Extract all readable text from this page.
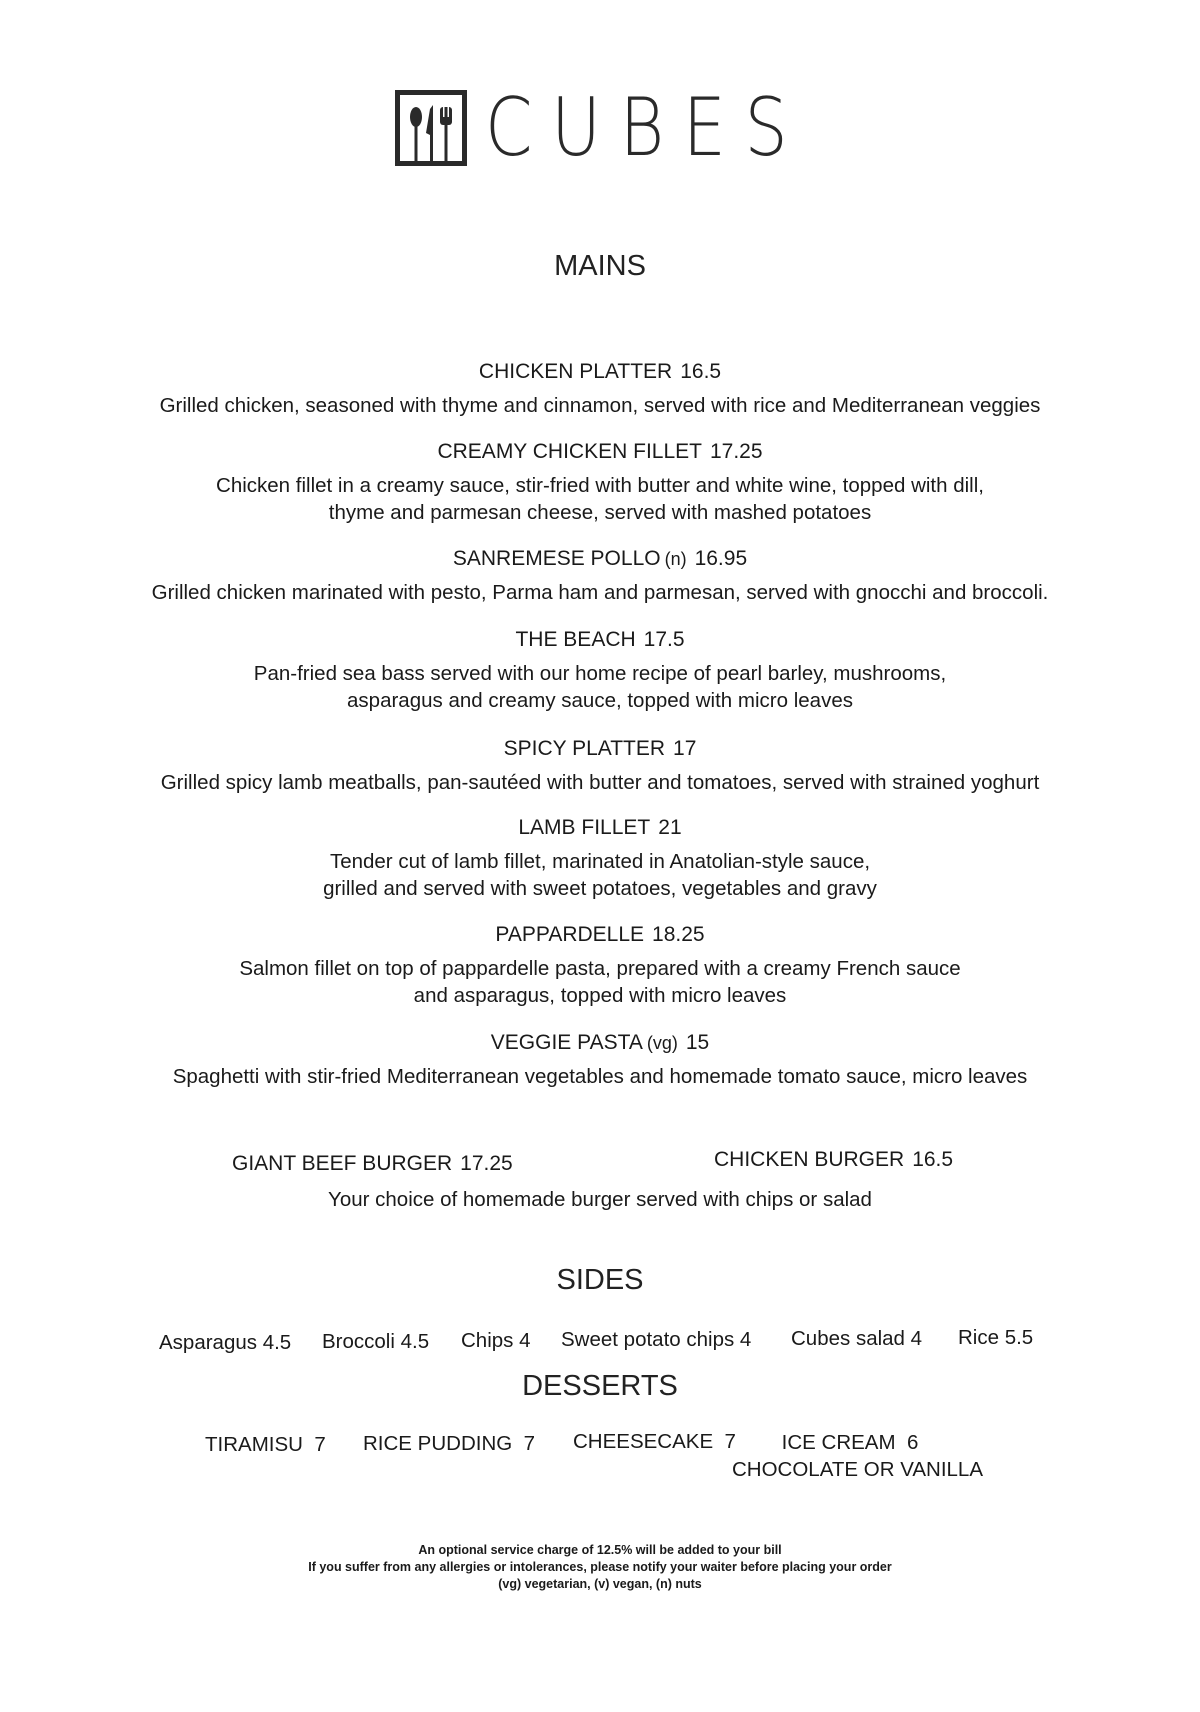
CUBES
MAINS
CHICKEN PLATTER 16.5
Grilled chicken, seasoned with thyme and cinnamon, served with rice and Mediterranean veggies
CREAMY CHICKEN FILLET 17.25
Chicken fillet in a creamy sauce, stir-fried with butter and white wine, topped with dill,
thyme and parmesan cheese, served with mashed potatoes
SANREMESE POLLO (n) 16.95
Grilled chicken marinated with pesto, Parma ham and parmesan, served with gnocchi and broccoli.
THE BEACH 17.5
Pan-fried sea bass served with our home recipe of pearl barley, mushrooms,
asparagus and creamy sauce, topped with micro leaves
SPICY PLATTER 17
Grilled spicy lamb meatballs, pan-sautéed with butter and tomatoes, served with strained yoghurt
LAMB FILLET 21
Tender cut of lamb fillet, marinated in Anatolian-style sauce,
grilled and served with sweet potatoes, vegetables and gravy
PAPPARDELLE 18.25
Salmon fillet on top of pappardelle pasta, prepared with a creamy French sauce
and asparagus, topped with micro leaves
VEGGIE PASTA (vg) 15
Spaghetti with stir-fried Mediterranean vegetables and homemade tomato sauce, micro leaves
GIANT BEEF BURGER 17.25	CHICKEN BURGER 16.5
Your choice of homemade burger served with chips or salad
SIDES
Asparagus 4.5 Broccoli 4.5 Chips 4 Sweet potato chips 4 Cubes salad 4 Rice 5.5
DESSERTS
TIRAMISU 7 RICE PUDDING 7 CHEESECAKE 7	ICE CREAM 6
CHOCOLATE OR VANILLA
An optional service charge of 12.5% will be added to your bill
If you suffer from any allergies or intolerances, please notify your waiter before placing your order
(vg) vegetarian, (v) vegan, (n) nuts
